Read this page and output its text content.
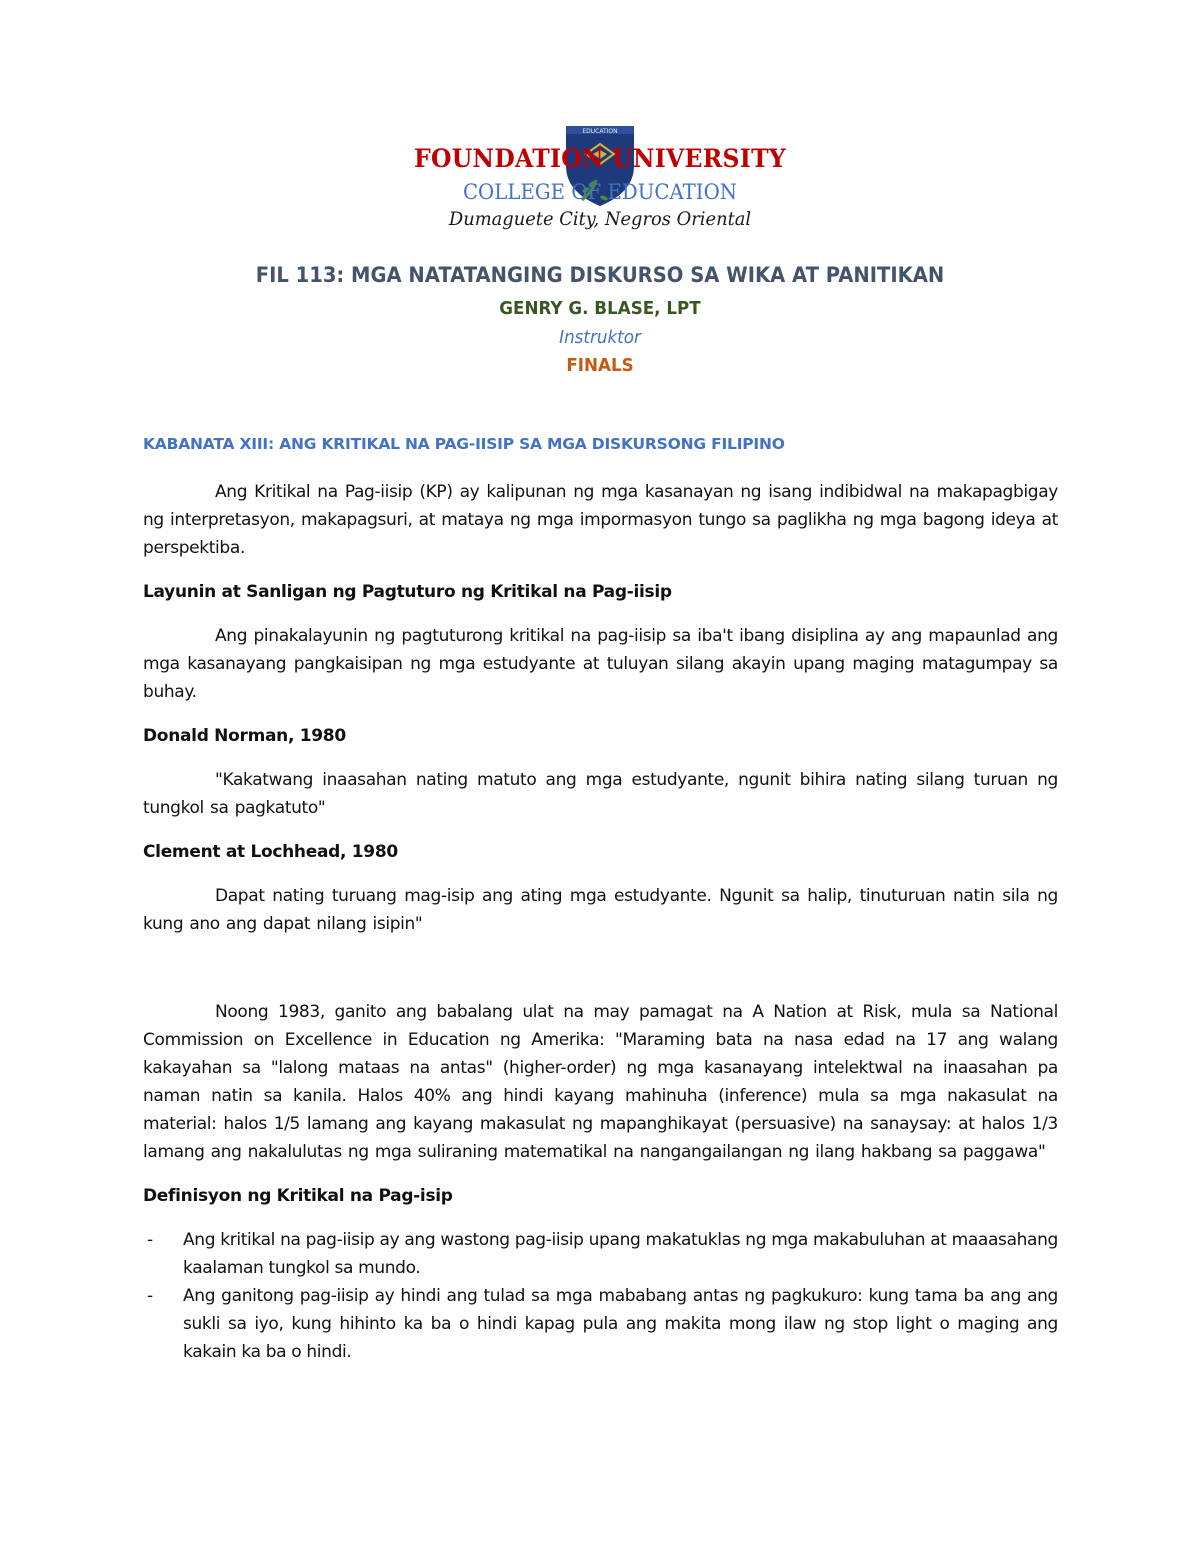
EDUCATION
FOUNDATION UNIVERSITY
COLLEGE OF EDUCATION
Dumaguete City, Negros Oriental
FIL 113: MGA NATATANGING DISKURSO SA WIKA AT PANITIKAN
GENRY G. BLASE, LPT
Instruktor
FINALS
KABANATA XIII: ANG KRITIKAL NA PAG-IISIP SA MGA DISKURSONG FILIPINO

Ang Kritikal na Pag-iisip (KP) ay kalipunan ng mga kasanayan ng isang indibidwal na makapagbigay ng interpretasyon, makapagsuri, at mataya ng mga impormasyon tungo sa paglikha ng mga bagong ideya at perspektiba.

Layunin at Sanligan ng Pagtuturo ng Kritikal na Pag-iisip

Ang pinakalayunin ng pagtuturong kritikal na pag-iisip sa iba't ibang disiplina ay ang mapaunlad ang mga kasanayang pangkaisipan ng mga estudyante at tuluyan silang akayin upang maging matagumpay sa buhay.

Donald Norman, 1980

"Kakatwang inaasahan nating matuto ang mga estudyante, ngunit bihira nating silang turuan ng tungkol sa pagkatuto"

Clement at Lochhead, 1980

Dapat nating turuang mag-isip ang ating mga estudyante. Ngunit sa halip, tinuturuan natin sila ng kung ano ang dapat nilang isipin"

Noong 1983, ganito ang babalang ulat na may pamagat na A Nation at Risk, mula sa National Commission on Excellence in Education ng Amerika: "Maraming bata na nasa edad na 17 ang walang kakayahan sa "lalong mataas na antas" (higher-order) ng mga kasanayang intelektwal na inaasahan pa naman natin sa kanila. Halos 40% ang hindi kayang mahinuha (inference) mula sa mga nakasulat na material: halos 1/5 lamang ang kayang makasulat ng mapanghikayat (persuasive) na sanaysay: at halos 1/3 lamang ang nakalulutas ng mga suliraning matematikal na nangangailangan ng ilang hakbang sa paggawa"

Definisyon ng Kritikal na Pag-isip
- Ang kritikal na pag-iisip ay ang wastong pag-iisip upang makatuklas ng mga makabuluhan at maaasahang kaalaman tungkol sa mundo.
- Ang ganitong pag-iisip ay hindi ang tulad sa mga mababang antas ng pagkukuro: kung tama ba ang ang sukli sa iyo, kung hihinto ka ba o hindi kapag pula ang makita mong ilaw ng stop light o maging ang kakain ka ba o hindi.
